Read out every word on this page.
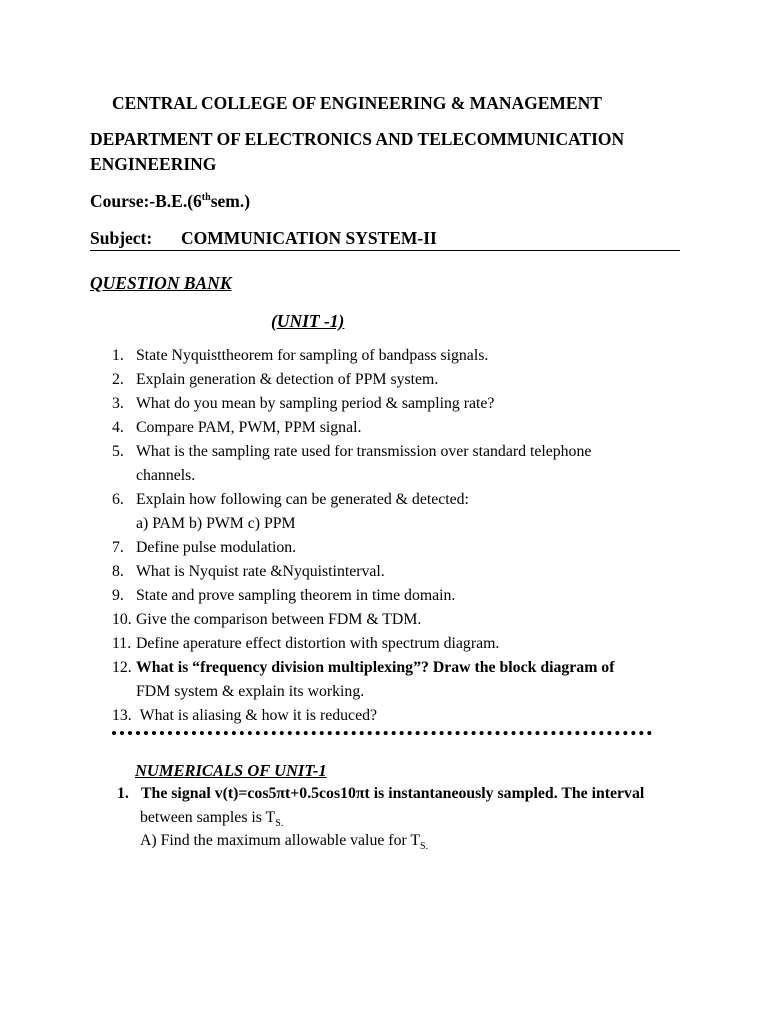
CENTRAL COLLEGE OF ENGINEERING & MANAGEMENT
DEPARTMENT OF ELECTRONICS AND TELECOMMUNICATION
ENGINEERING
Course:-B.E.(6thsem.)
Subject: COMMUNICATION SYSTEM-II
QUESTION BANK
(UNIT -1)
1. State Nyquisttheorem for sampling of bandpass signals.
2. Explain generation & detection of PPM system.
3. What do you mean by sampling period & sampling rate?
4. Compare PAM, PWM, PPM signal.
5. What is the sampling rate used for transmission over standard telephone
channels.
6. Explain how following can be generated & detected:
a) PAM b) PWM c) PPM
7. Define pulse modulation.
8. What is Nyquist rate &Nyquistinterval.
9. State and prove sampling theorem in time domain.
10. Give the comparison between FDM & TDM.
11. Define aperature effect distortion with spectrum diagram.
12. What is “frequency division multiplexing”? Draw the block diagram of
FDM system & explain its working.
13. What is aliasing & how it is reduced?
NUMERICALS OF UNIT-1
1. The signal v(t)=cos5πt+0.5cos10πt is instantaneously sampled. The interval
between samples is $T_{S.}$
A) Find the maximum allowable value for $T_{S.}$
